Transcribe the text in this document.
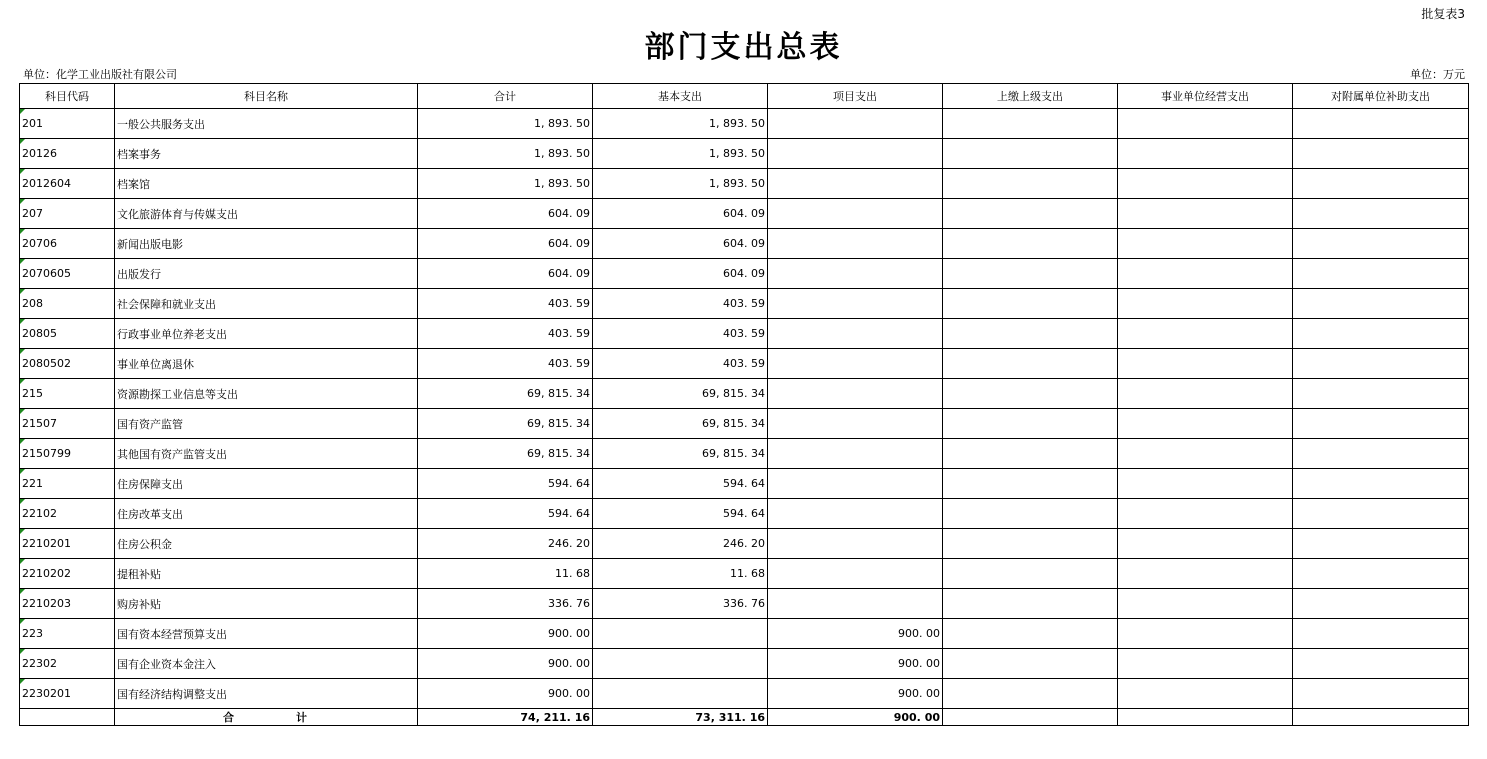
批复表3
部门支出总表
单位：化学工业出版社有限公司	单位：万元
科目代码	科目名称	合计	基本支出	项目支出	上缴上级支出	事业单位经营支出	对附属单位补助支出

201	一般公共服务支出	1, 893. 50	1, 893. 50				

20126	档案事务	1, 893. 50	1, 893. 50				

2012604	档案馆	1, 893. 50	1, 893. 50				

207	文化旅游体育与传媒支出	604. 09	604. 09				

20706	新闻出版电影	604. 09	604. 09				

2070605	出版发行	604. 09	604. 09				

208	社会保障和就业支出	403. 59	403. 59				

20805	行政事业单位养老支出	403. 59	403. 59				

2080502	事业单位离退休	403. 59	403. 59				

215	资源勘探工业信息等支出	69, 815. 34	69, 815. 34				

21507	国有资产监管	69, 815. 34	69, 815. 34				

2150799	其他国有资产监管支出	69, 815. 34	69, 815. 34				

221	住房保障支出	594. 64	594. 64				

22102	住房改革支出	594. 64	594. 64				

2210201	住房公积金	246. 20	246. 20				

2210202	提租补贴	11. 68	11. 68				

2210203	购房补贴	336. 76	336. 76				

223	国有资本经营预算支出	900. 00		900. 00			

22302	国有企业资本金注入	900. 00		900. 00			

2230201	国有经济结构调整支出	900. 00		900. 00			
	合 计	74, 211. 16	73, 311. 16	900. 00			
